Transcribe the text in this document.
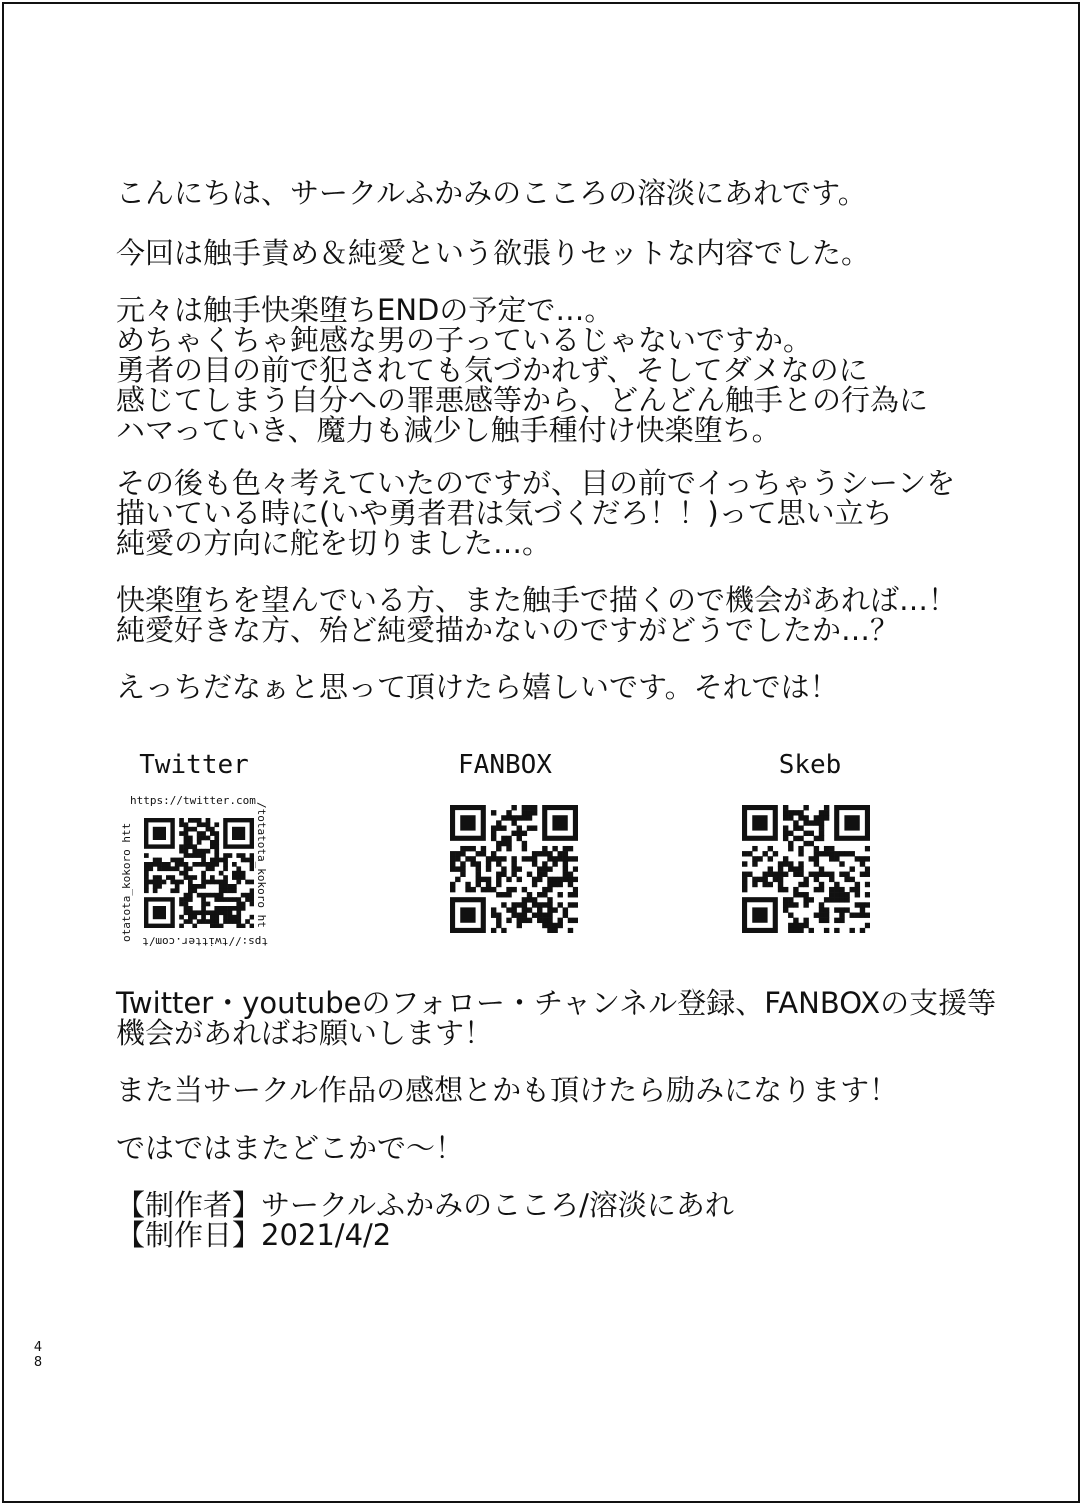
こんにちは、サークルふかみのこころの溶淡にあれです。
今回は触手責め＆純愛という欲張りセットな内容でした。
元々は触手快楽堕ちENDの予定で…。
めちゃくちゃ鈍感な男の子っているじゃないですか。
勇者の目の前で犯されても気づかれず、そしてダメなのに
感じてしまう自分への罪悪感等から、どんどん触手との行為に
ハマっていき、魔力も減少し触手種付け快楽堕ち。
その後も色々考えていたのですが、目の前でイっちゃうシーンを
描いている時に(いや勇者君は気づくだろ！！)って思い立ち
純愛の方向に舵を切りました…。
快楽堕ちを望んでいる方、また触手で描くので機会があれば…！
純愛好きな方、殆ど純愛描かないのですがどうでしたか…？
えっちだなぁと思って頂けたら嬉しいです。それでは！
Twitter	FANBOX	Skeb
https://twitter.com
/totatota_kokoro ht
tps://twitter.com/t
otatota_kokoro htt
Twitter・youtubeのフォロー・チャンネル登録、FANBOXの支援等
機会があればお願いします！
また当サークル作品の感想とかも頂けたら励みになります！
ではではまたどこかで～！
【制作者】サークルふかみのこころ/溶淡にあれ
【制作日】2021/4/2
48
